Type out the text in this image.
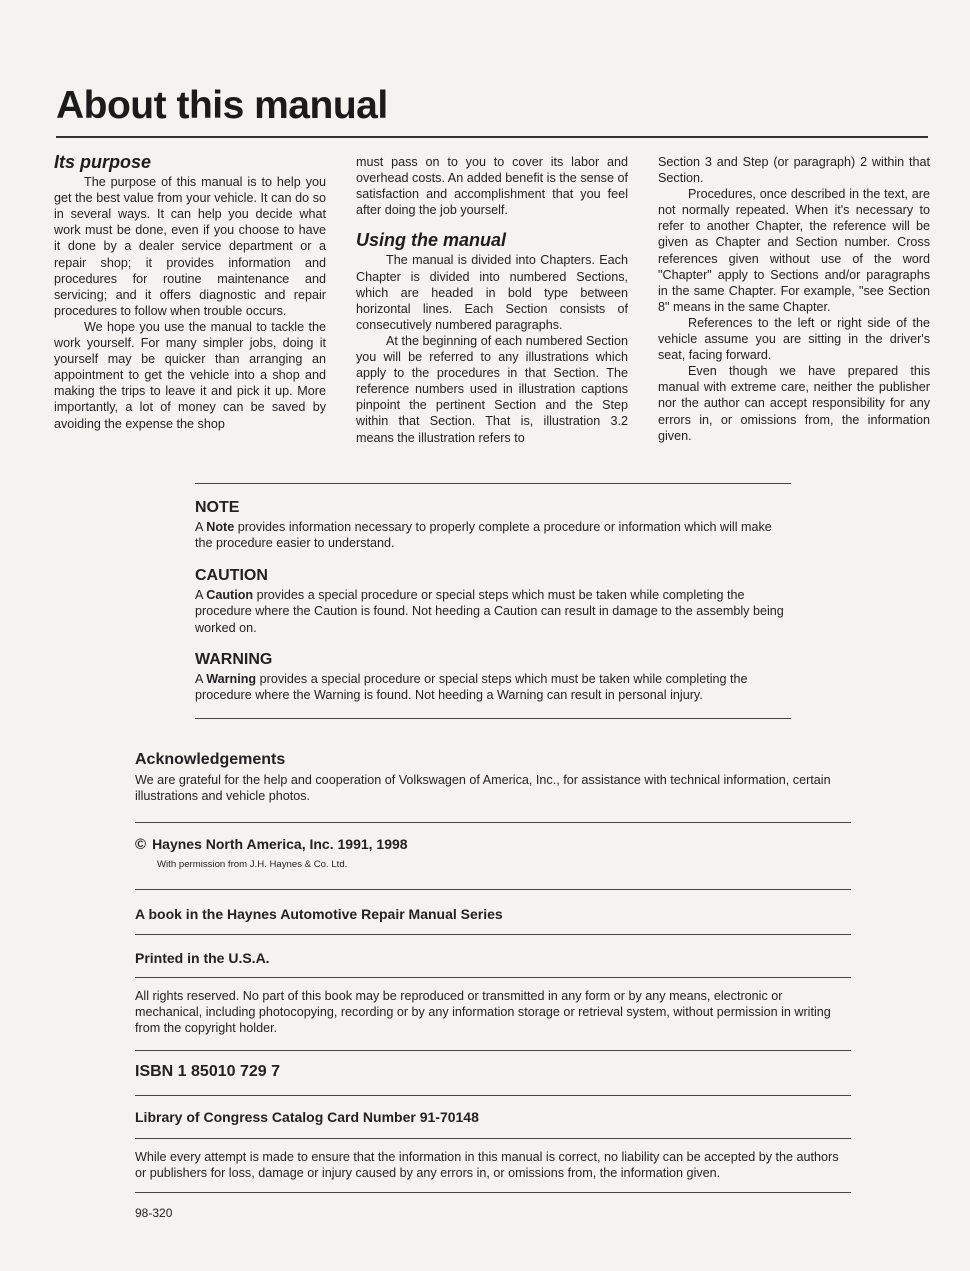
About this manual
Its purpose

The purpose of this manual is to help you get the best value from your vehicle. It can do so in several ways. It can help you decide what work must be done, even if you choose to have it done by a dealer service department or a repair shop; it provides information and procedures for routine maintenance and servicing; and it offers diagnostic and repair procedures to follow when trouble occurs.

We hope you use the manual to tackle the work yourself. For many simpler jobs, doing it yourself may be quicker than arranging an appointment to get the vehicle into a shop and making the trips to leave it and pick it up. More importantly, a lot of money can be saved by avoiding the expense the shop

must pass on to you to cover its labor and overhead costs. An added benefit is the sense of satisfaction and accomplishment that you feel after doing the job yourself.

Using the manual

The manual is divided into Chapters. Each Chapter is divided into numbered Sections, which are headed in bold type between horizontal lines. Each Section consists of consecutively numbered paragraphs.

At the beginning of each numbered Section you will be referred to any illustrations which apply to the procedures in that Section. The reference numbers used in illustration captions pinpoint the pertinent Section and the Step within that Section. That is, illustration 3.2 means the illustration refers to

Section 3 and Step (or paragraph) 2 within that Section.

Procedures, once described in the text, are not normally repeated. When it's necessary to refer to another Chapter, the reference will be given as Chapter and Section number. Cross references given without use of the word "Chapter" apply to Sections and/or paragraphs in the same Chapter. For example, "see Section 8" means in the same Chapter.

References to the left or right side of the vehicle assume you are sitting in the driver's seat, facing forward.

Even though we have prepared this manual with extreme care, neither the publisher nor the author can accept responsibility for any errors in, or omissions from, the information given.

NOTE

A Note provides information necessary to properly complete a procedure or information which will make the procedure easier to understand.

CAUTION

A Caution provides a special procedure or special steps which must be taken while completing the procedure where the Caution is found. Not heeding a Caution can result in damage to the assembly being worked on.

WARNING

A Warning provides a special procedure or special steps which must be taken while completing the procedure where the Warning is found. Not heeding a Warning can result in personal injury.

Acknowledgements

We are grateful for the help and cooperation of Volkswagen of America, Inc., for assistance with technical information, certain illustrations and vehicle photos.

© Haynes North America, Inc. 1991, 1998
With permission from J.H. Haynes & Co. Ltd.
A book in the Haynes Automotive Repair Manual Series
Printed in the U.S.A.

All rights reserved. No part of this book may be reproduced or transmitted in any form or by any means, electronic or mechanical, including photocopying, recording or by any information storage or retrieval system, without permission in writing from the copyright holder.

ISBN 1 85010 729 7
Library of Congress Catalog Card Number 91-70148

While every attempt is made to ensure that the information in this manual is correct, no liability can be accepted by the authors or publishers for loss, damage or injury caused by any errors in, or omissions from, the information given.

98-320
